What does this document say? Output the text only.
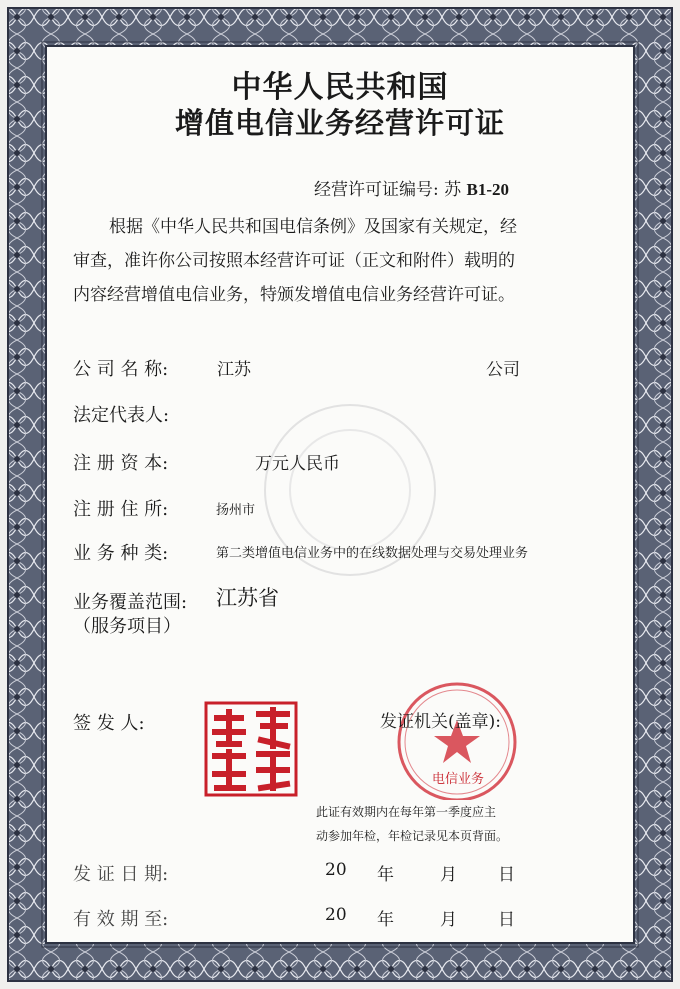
中华人民共和国
增值电信业务经营许可证
经营许可证编号: 苏 B1-20
根据《中华人民共和国电信条例》及国家有关规定，经
审查，准许你公司按照本经营许可证（正文和附件）载明的
内容经营增值电信业务，特颁发增值电信业务经营许可证。
公 司 名 称:	江苏	公司
法定代表人:
注 册 资 本:	万元人民币
注 册 住 所:	扬州市
业 务 种 类:	第二类增值电信业务中的在线数据处理与交易处理业务
业务覆盖范围:
（服务项目）
江苏省
签 发 人:	发证机关(盖章):
电信业务
此证有效期内在每年第一季度应主
动参加年检，年检记录见本页背面。
发 证 日 期:	20 年	月 日
有 效 期 至:	20 年	月 日
